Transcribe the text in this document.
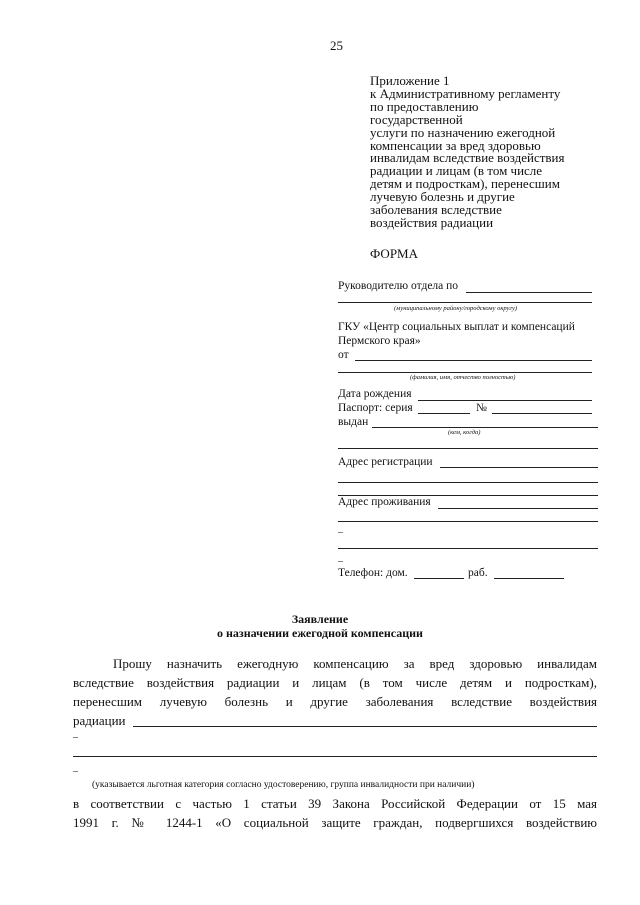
25
Приложение 1
к Административному регламенту
по предоставлению
государственной
услуги по назначению ежегодной
компенсации за вред здоровью
инвалидам вследствие воздействия
радиации и лицам (в том числе
детям и подросткам), перенесшим
лучевую болезнь и другие
заболевания вследствие
воздействия радиации
ФОРМА
Руководителю отдела по
(муниципальному району/городскому округу)
ГКУ «Центр социальных выплат и компенсаций
Пермского края»
от
(фамилия, имя, отчество полностью)
Дата рождения
Паспорт: серия	№
выдан
(кем, когда)
Адрес регистрации
Адрес проживания
–
–
Телефон: дом.	раб.
Заявление
о назначении ежегодной компенсации
Прошу назначить ежегодную компенсацию за вред здоровью инвалидам
вследствие воздействия радиации и лицам (в том числе детям и подросткам),
перенесшим лучевую болезнь и другие заболевания вследствие воздействия
радиации
–
–
(указывается льготная категория согласно удостоверению, группа инвалидности при наличии)
в соответствии с частью 1 статьи 39 Закона Российской Федерации от 15 мая
1991 г. № 1244-1 «О социальной защите граждан, подвергшихся воздействию
